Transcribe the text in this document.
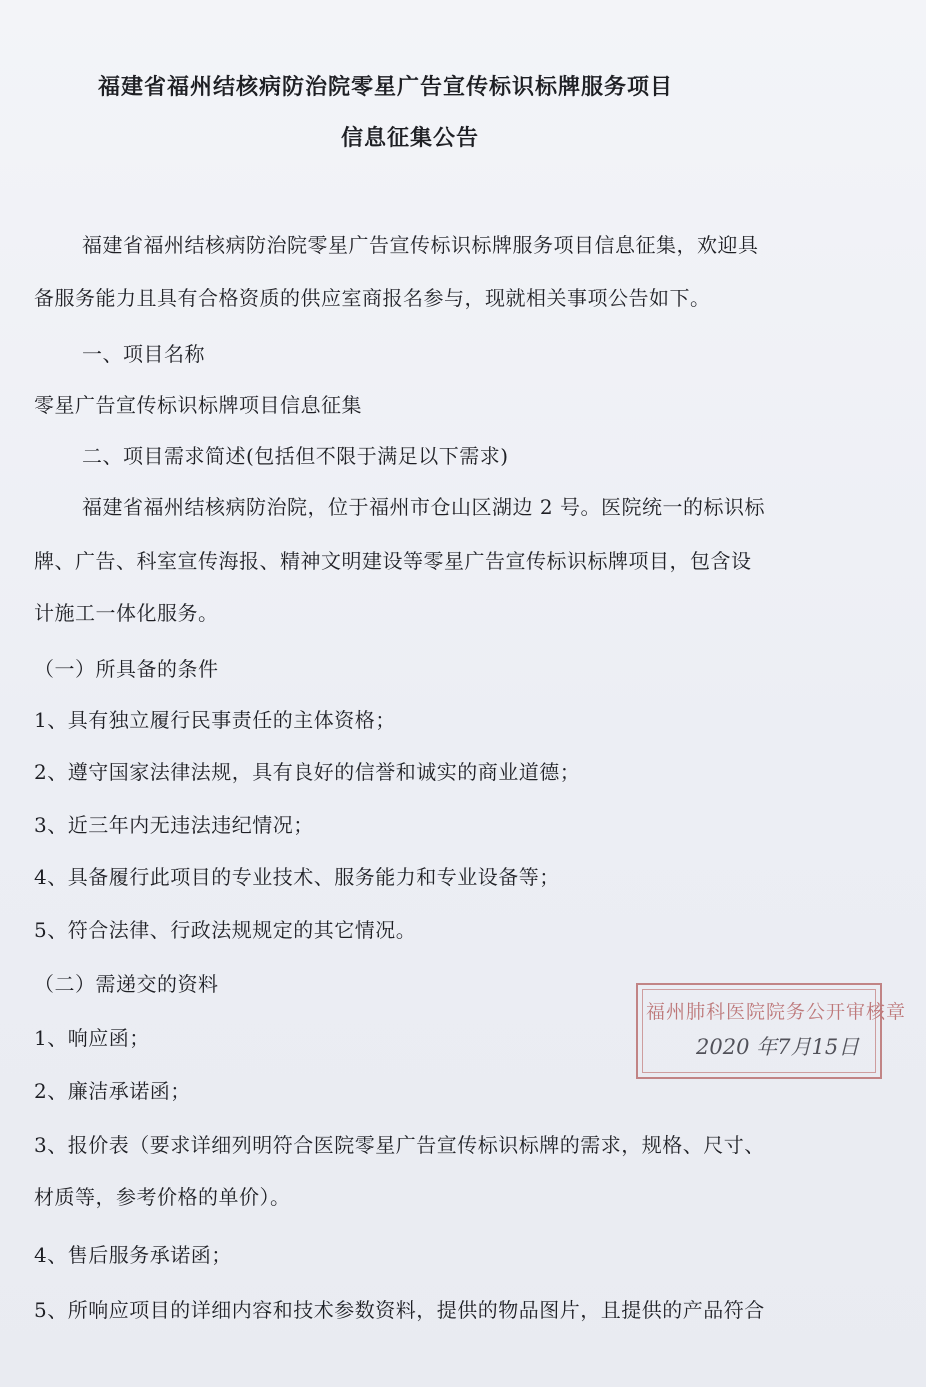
福建省福州结核病防治院零星广告宣传标识标牌服务项目
信息征集公告
福建省福州结核病防治院零星广告宣传标识标牌服务项目信息征集，欢迎具
备服务能力且具有合格资质的供应室商报名参与，现就相关事项公告如下。
一、项目名称
零星广告宣传标识标牌项目信息征集
二、项目需求简述(包括但不限于满足以下需求)
福建省福州结核病防治院，位于福州市仓山区湖边 2 号。医院统一的标识标
牌、广告、科室宣传海报、精神文明建设等零星广告宣传标识标牌项目，包含设
计施工一体化服务。
（一）所具备的条件
1、具有独立履行民事责任的主体资格；
2、遵守国家法律法规，具有良好的信誉和诚实的商业道德；
3、近三年内无违法违纪情况；
4、具备履行此项目的专业技术、服务能力和专业设备等；
5、符合法律、行政法规规定的其它情况。
（二）需递交的资料
1、响应函；
2、廉洁承诺函；
3、报价表（要求详细列明符合医院零星广告宣传标识标牌的需求，规格、尺寸、
材质等，参考价格的单价）。
4、售后服务承诺函；
5、所响应项目的详细内容和技术参数资料，提供的物品图片，且提供的产品符合
福州肺科医院院务公开审核章
2020 年7月15日
